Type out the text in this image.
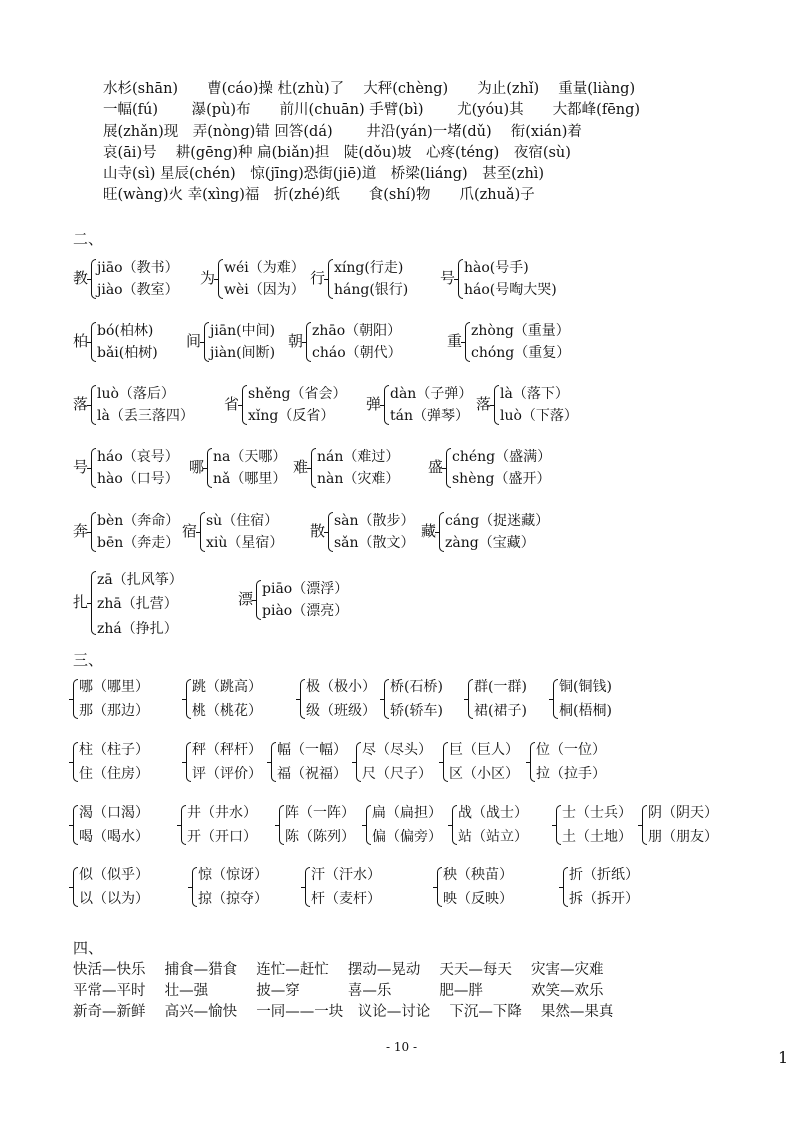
水杉(shān)　　曹(cáo)操 杜(zhù)了　 大秤(chèng)　　为止(zhǐ)　 重量(liàng)
一幅(fú)　　 瀑(pù)布　　前川(chuān) 手臂(bì)　　 尤(yóu)其　　大都峰(fēng)
展(zhǎn)现　弄(nòng)错 回答(dá)　　 井沿(yán)一堵(dǔ)　 衔(xián)着
哀(āi)号　 耕(gēng)种 扁(biǎn)担　陡(dǒu)坡　心疼(téng)　夜宿(sù)
山寺(sì) 星辰(chén)　惊(jīng)恐街(jiē)道　桥梁(liáng)　甚至(zhì)
旺(wàng)火 幸(xìng)福　折(zhé)纸　　食(shí)物　　爪(zhuǎ)子
二、
教
jiāo（教书）
jiào（教室）
为
wéi（为难）
wèi（因为）
行
xíng(行走)
háng(银行)
号
hào(号手)
háo(号啕大哭)
柏
bó(柏林)
bǎi(柏树)
间
jiān(中间)
jiàn(间断)
朝
zhāo（朝阳）
cháo（朝代）
重
zhòng（重量）
chóng（重复）
落
luò（落后）
là（丢三落四）
省
shěng（省会）
xǐng（反省）
弹
dàn（子弹）
tán（弹琴）
落
là（落下）
luò（下落）
号
háo（哀号）
hào（口号）
哪
na（天哪）
nǎ（哪里）
难
nán（难过）
nàn（灾难）
盛
chéng（盛满）
shèng（盛开）
奔
bèn（奔命）
bēn（奔走）
宿
sù（住宿）
xiù（星宿）
散
sàn（散步）
sǎn（散文）
藏
cáng（捉迷藏）
zàng（宝藏）
扎
zā（扎风筝）
zhā（扎营）
zhá（挣扎）
漂
piāo（漂浮）
piào（漂亮）
三、
哪（哪里）
那（那边）
跳（跳高）
桃（桃花）
极（极小）
级（班级）
桥(石桥)
轿(轿车)
群(一群)
裙(裙子)
铜(铜钱)
桐(梧桐)
柱（柱子）
住（住房）
秤（秤杆）
评（评价）
幅（一幅）
福（祝福）
尽（尽头）
尺（尺子）
巨（巨人）
区（小区）
位（一位）
拉（拉手）
渴（口渴）
喝（喝水）
井（井水）
开（开口）
阵（一阵）
陈（陈列）
扁（扁担）
偏（偏旁）
战（战士）
站（站立）
士（士兵）
土（土地）
阴（阴天）
朋（朋友）
似（似乎）
以（以为）
惊（惊讶）
掠（掠夺）
汗（汗水）
杆（麦杆）
秧（秧苗）
映（反映）
折（折纸）
拆（拆开）
四、
快活—快乐　 捕食—猎食　 连忙—赶忙　 摆动—晃动　 天天—每天　 灾害—灾难
平常—平时　 壮—强　　　 披—穿　　　 喜—乐　　　 肥—胖　　　 欢笑—欢乐
新奇—新鲜　 高兴—愉快　 一同——一块　议论—讨论　 下沉—下降　 果然—果真
- 10 -
1
